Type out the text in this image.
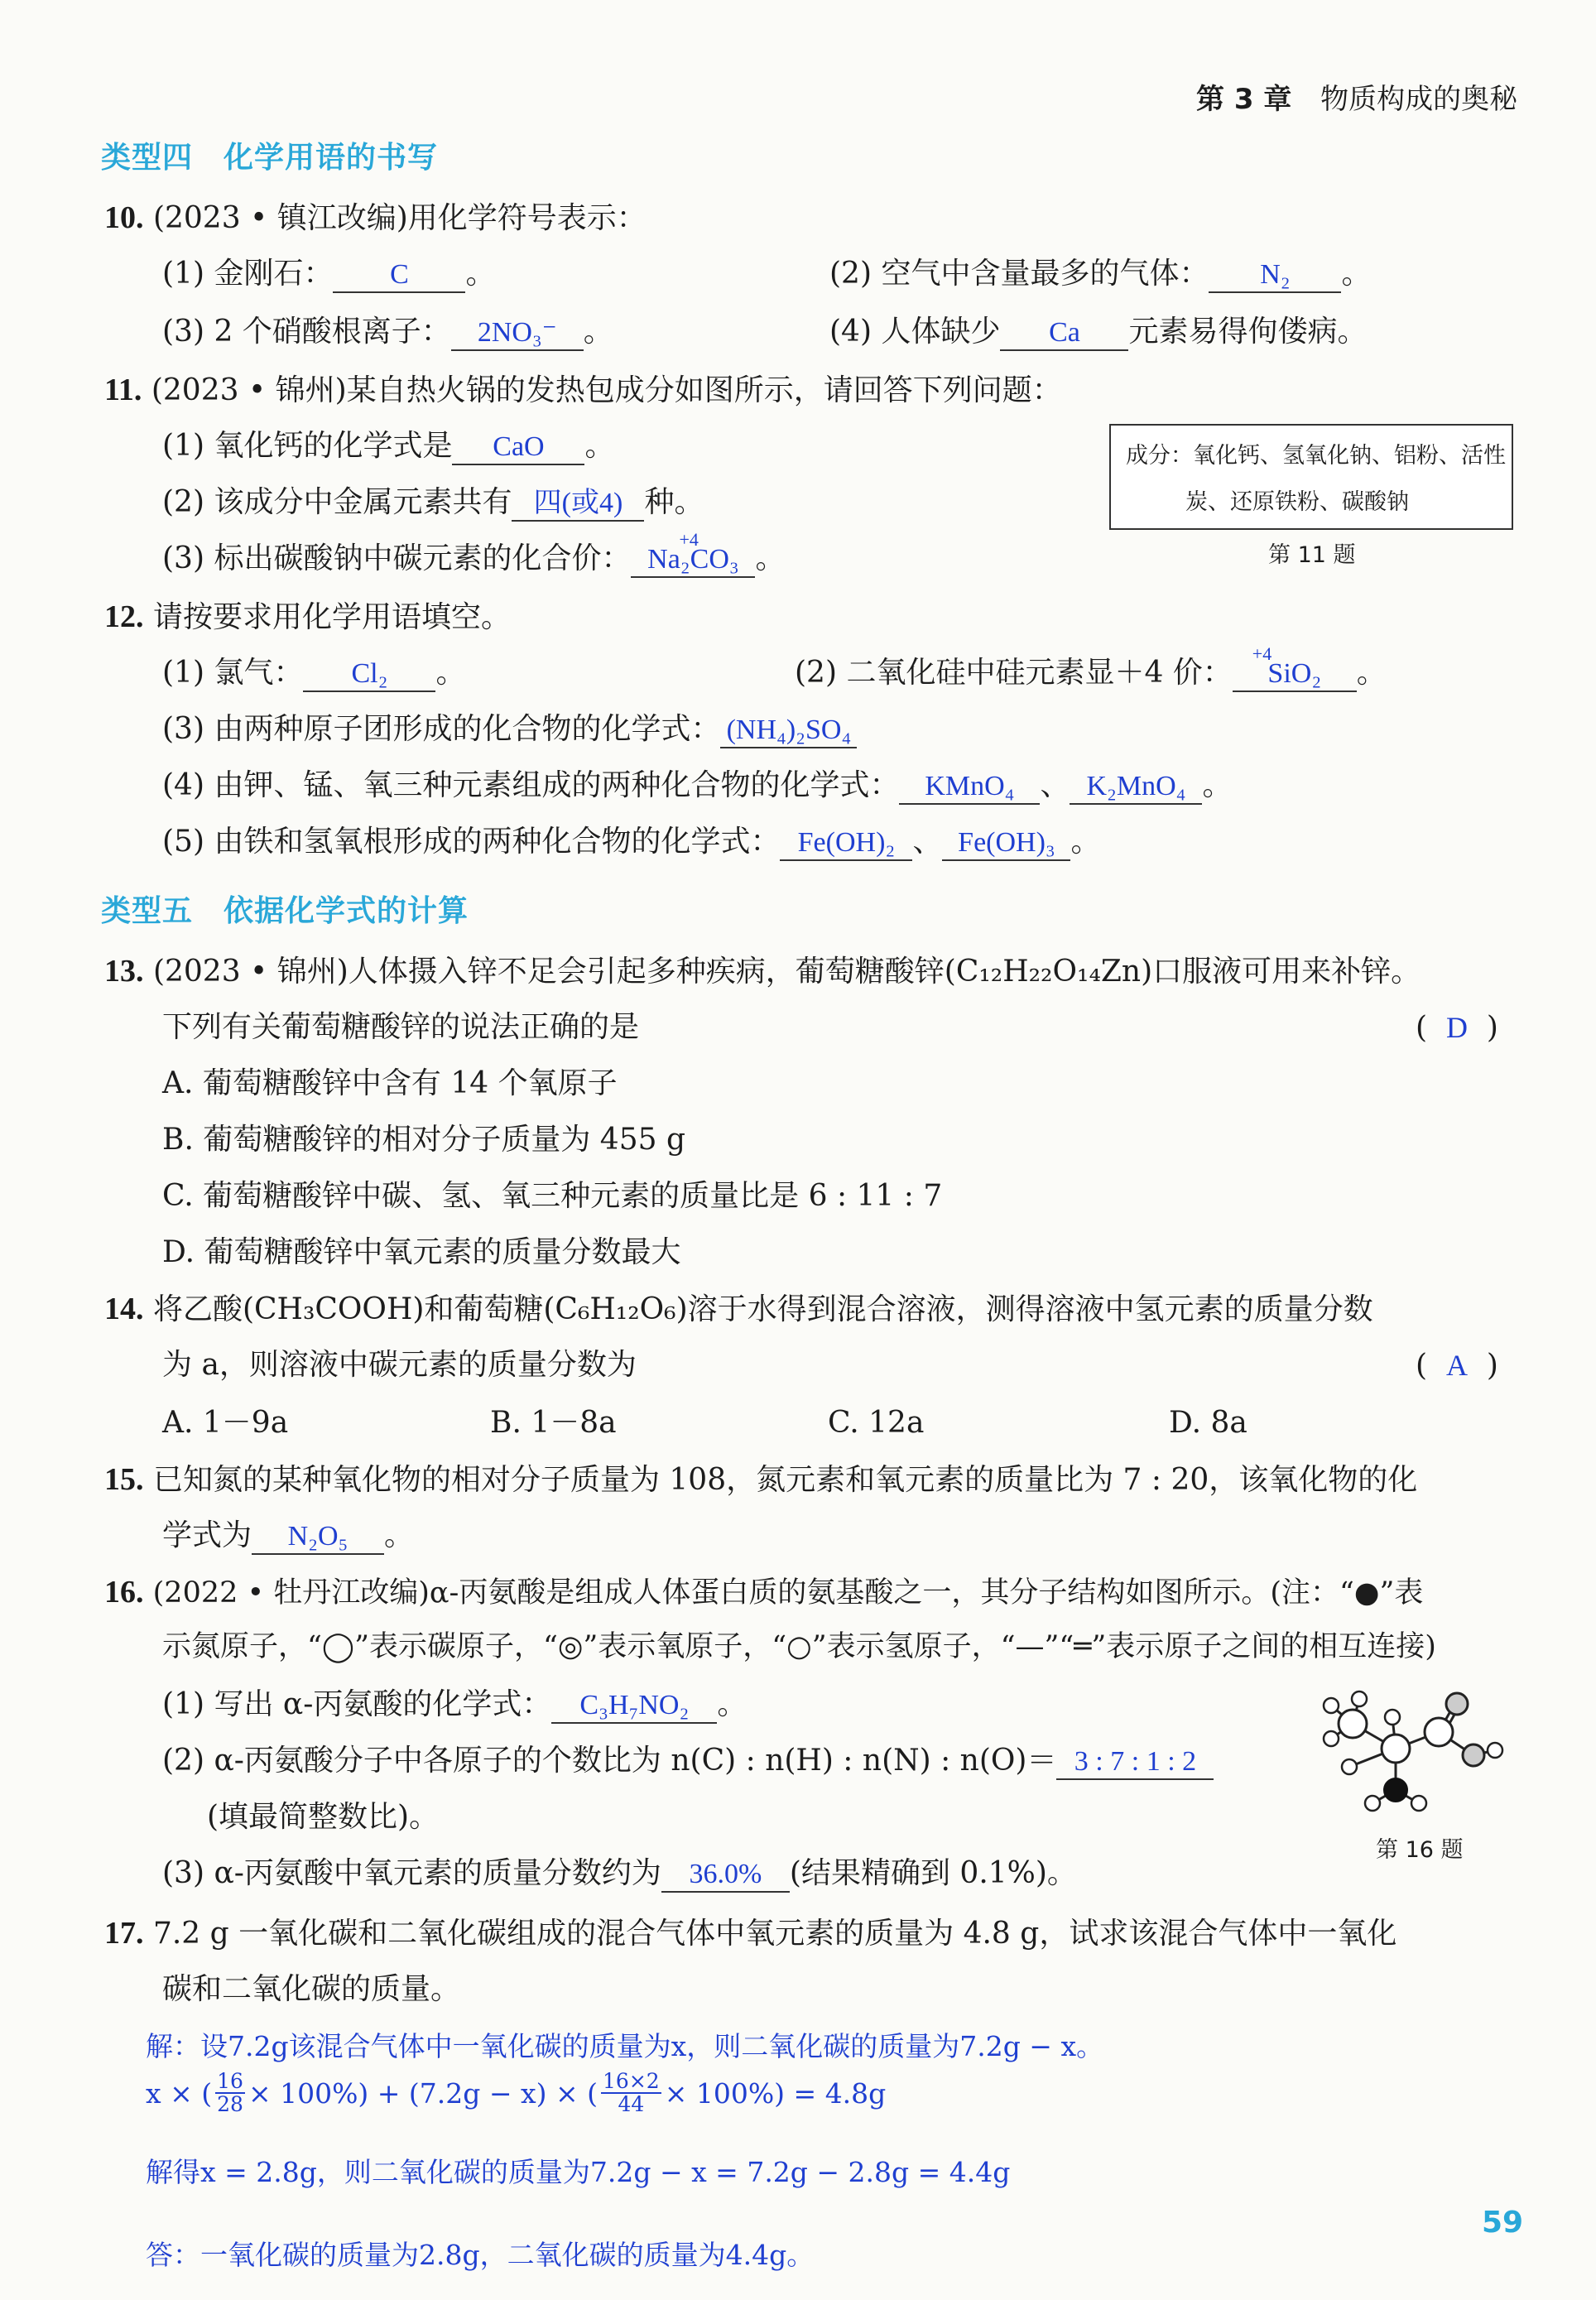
第 3 章 物质构成的奥秘
类型四　化学用语的书写
10. (2023 • 镇江改编)用化学符号表示：
(1) 金刚石： C 。	(2) 空气中含量最多的气体： N₂ 。
(3) 2 个硝酸根离子： 2NO₃⁻ 。	(4) 人体缺少 Ca 元素易得佝偻病。
11. (2023 • 锦州)某自热火锅的发热包成分如图所示，请回答下列问题：
(1) 氧化钙的化学式是 CaO 。
(2) 该成分中金属元素共有 四(或4) 种。
(3) 标出碳酸钠中碳元素的化合价：
+4
Na₂CO₃ 。
成分：氧化钙、氢氧化钠、铝粉、活性
炭、还原铁粉、碳酸钠
第 11 题
12. 请按要求用化学用语填空。
(1) 氯气： Cl₂ 。	(2) 二氧化硅中硅元素显＋4 价：
+4
SiO₂ 。
(3) 由两种原子团形成的化合物的化学式： (NH₄)₂SO₄
(4) 由钾、锰、氧三种元素组成的两种化合物的化学式： KMnO₄ 、 K₂MnO₄ 。
(5) 由铁和氢氧根形成的两种化合物的化学式： Fe(OH)₂ 、 Fe(OH)₃ 。
类型五　依据化学式的计算
13. (2023 • 锦州)人体摄入锌不足会引起多种疾病，葡萄糖酸锌(C₁₂H₂₂O₁₄Zn)口服液可用来补锌。
下列有关葡萄糖酸锌的说法正确的是	(  D  )
A. 葡萄糖酸锌中含有 14 个氧原子
B. 葡萄糖酸锌的相对分子质量为 455 g
C. 葡萄糖酸锌中碳、氢、氧三种元素的质量比是 6 : 11 : 7
D. 葡萄糖酸锌中氧元素的质量分数最大
14. 将乙酸(CH₃COOH)和葡萄糖(C₆H₁₂O₆)溶于水得到混合溶液，测得溶液中氢元素的质量分数
为 a，则溶液中碳元素的质量分数为	(  A  )
A. 1－9a	B. 1－8a	C. 12a	D. 8a
15. 已知氮的某种氧化物的相对分子质量为 108，氮元素和氧元素的质量比为 7 : 20，该氧化物的化
学式为 N₂O₅ 。
16. (2022 • 牡丹江改编)α-丙氨酸是组成人体蛋白质的氨基酸之一，其分子结构如图所示。(注：“●”表
示氮原子，“◯”表示碳原子，“◎”表示氧原子，“○”表示氢原子，“—”“═”表示原子之间的相互连接)
(1) 写出 α-丙氨酸的化学式： C₃H₇NO₂ 。
(2) α-丙氨酸分子中各原子的个数比为 n(C) : n(H) : n(N) : n(O)＝ 3 : 7 : 1 : 2
(填最简整数比)。
(3) α-丙氨酸中氧元素的质量分数约为 36.0% (结果精确到 0.1%)。
第 16 题
17. 7.2 g 一氧化碳和二氧化碳组成的混合气体中氧元素的质量为 4.8 g，试求该混合气体中一氧化
碳和二氧化碳的质量。
解：设7.2g该混合气体中一氧化碳的质量为x，则二氧化碳的质量为7.2g − x。
x × ( $\frac{16}{28} \times 100\%) + (7.2g - x)$ × ( $\frac{16\times 2}{44} \times 100\%) = 4.8g$
解得x = 2.8g，则二氧化碳的质量为7.2g − x = 7.2g − 2.8g = 4.4g
答：一氧化碳的质量为2.8g，二氧化碳的质量为4.4g。
59
